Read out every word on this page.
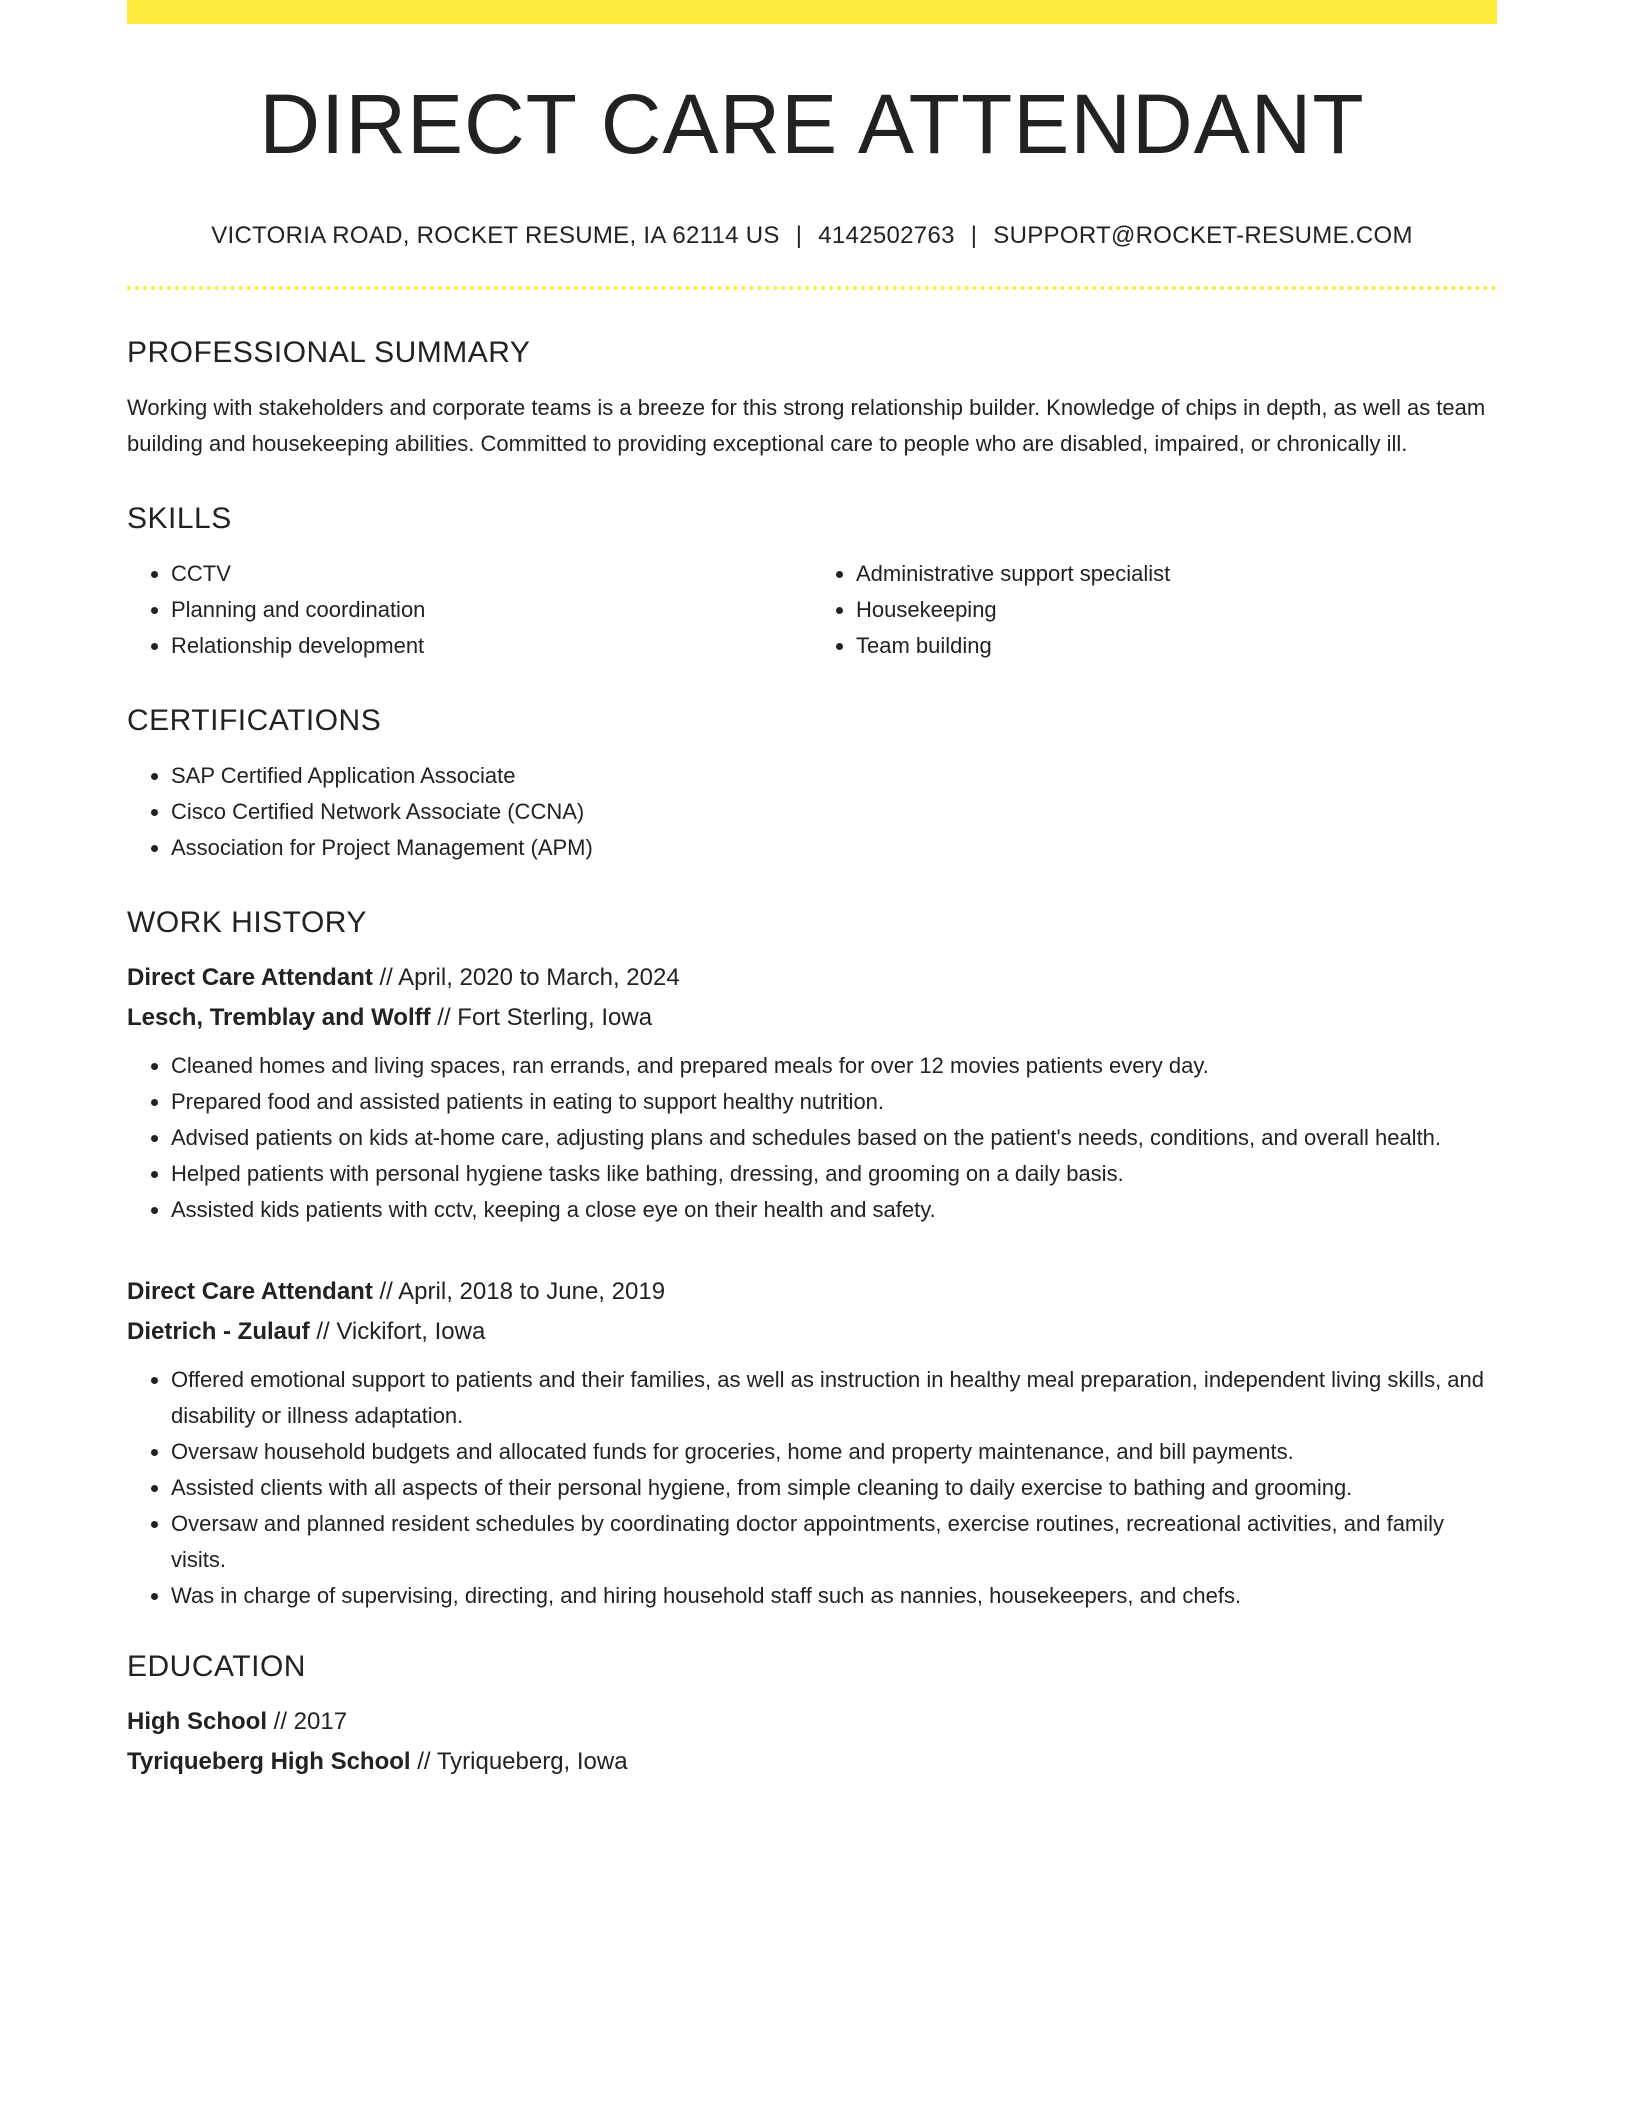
DIRECT CARE ATTENDANT
VICTORIA ROAD, ROCKET RESUME, IA 62114 US | 4142502763 | SUPPORT@ROCKET-RESUME.COM
PROFESSIONAL SUMMARY
Working with stakeholders and corporate teams is a breeze for this strong relationship builder. Knowledge of chips in depth, as well as team building and housekeeping abilities. Committed to providing exceptional care to people who are disabled, impaired, or chronically ill.
SKILLS
• CCTV
• Planning and coordination
• Relationship development
• Administrative support specialist
• Housekeeping
• Team building
CERTIFICATIONS
• SAP Certified Application Associate
• Cisco Certified Network Associate (CCNA)
• Association for Project Management (APM)
WORK HISTORY
Direct Care Attendant // April, 2020 to March, 2024
Lesch, Tremblay and Wolff // Fort Sterling, Iowa
• Cleaned homes and living spaces, ran errands, and prepared meals for over 12 movies patients every day.
• Prepared food and assisted patients in eating to support healthy nutrition.
• Advised patients on kids at-home care, adjusting plans and schedules based on the patient's needs, conditions, and overall health.
• Helped patients with personal hygiene tasks like bathing, dressing, and grooming on a daily basis.
• Assisted kids patients with cctv, keeping a close eye on their health and safety.
Direct Care Attendant // April, 2018 to June, 2019
Dietrich - Zulauf // Vickifort, Iowa
• Offered emotional support to patients and their families, as well as instruction in healthy meal preparation, independent living skills, and disability or illness adaptation.
• Oversaw household budgets and allocated funds for groceries, home and property maintenance, and bill payments.
• Assisted clients with all aspects of their personal hygiene, from simple cleaning to daily exercise to bathing and grooming.
• Oversaw and planned resident schedules by coordinating doctor appointments, exercise routines, recreational activities, and family visits.
• Was in charge of supervising, directing, and hiring household staff such as nannies, housekeepers, and chefs.
EDUCATION
High School // 2017
Tyriqueberg High School // Tyriqueberg, Iowa
